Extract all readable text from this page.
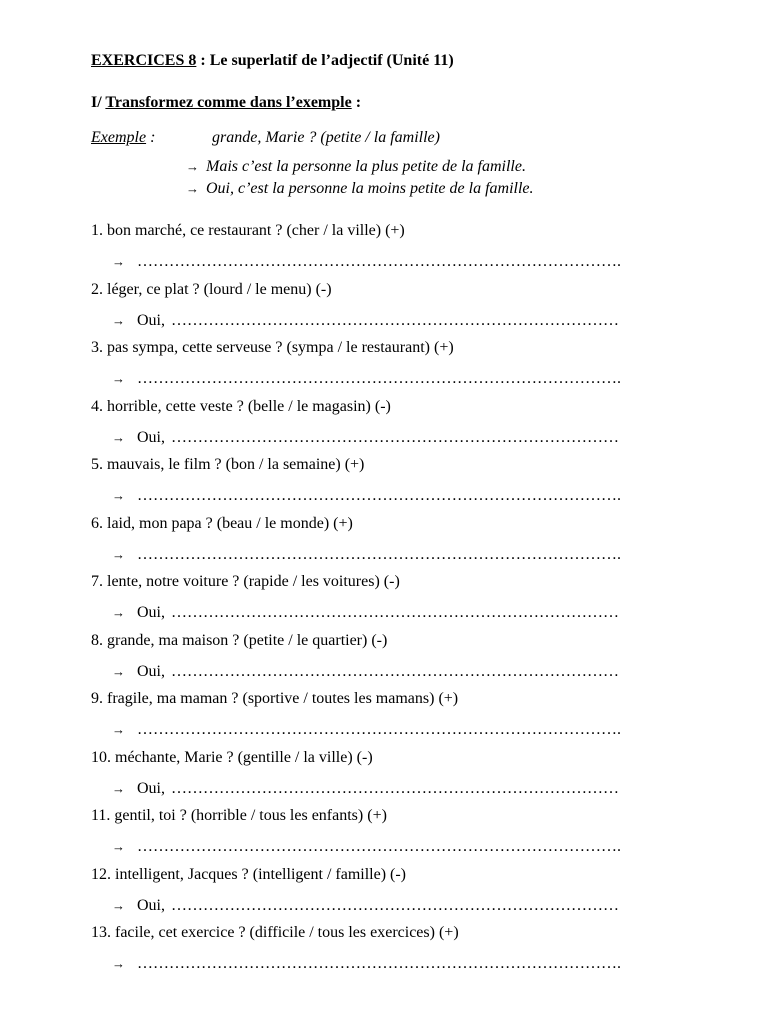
EXERCICES 8 : Le superlatif de l’adjectif (Unité 11)
I/ Transformez comme dans l’exemple :
Exemple :	grande, Marie ? (petite / la famille)
→ Mais c’est la personne la plus petite de la famille.
→ Oui, c’est la personne la moins petite de la famille.
1. bon marché, ce restaurant ? (cher / la ville) (+)
→ ……………………………………………………………………………….
2. léger, ce plat ? (lourd / le menu) (-)
→ Oui, …………………………………………………………………………
3. pas sympa, cette serveuse ? (sympa / le restaurant) (+)
→ ……………………………………………………………………………….
4. horrible, cette veste ? (belle / le magasin) (-)
→ Oui, …………………………………………………………………………
5. mauvais, le film ? (bon / la semaine) (+)
→ ……………………………………………………………………………….
6. laid, mon papa ? (beau / le monde) (+)
→ ……………………………………………………………………………….
7. lente, notre voiture ? (rapide / les voitures) (-)
→ Oui, …………………………………………………………………………
8. grande, ma maison ? (petite / le quartier) (-)
→ Oui, …………………………………………………………………………
9. fragile, ma maman ? (sportive / toutes les mamans) (+)
→ ……………………………………………………………………………….
10. méchante, Marie ? (gentille / la ville) (-)
→ Oui, …………………………………………………………………………
11. gentil, toi ? (horrible / tous les enfants) (+)
→ ……………………………………………………………………………….
12. intelligent, Jacques ? (intelligent / famille) (-)
→ Oui, …………………………………………………………………………
13. facile, cet exercice ? (difficile / tous les exercices) (+)
→ ……………………………………………………………………………….
